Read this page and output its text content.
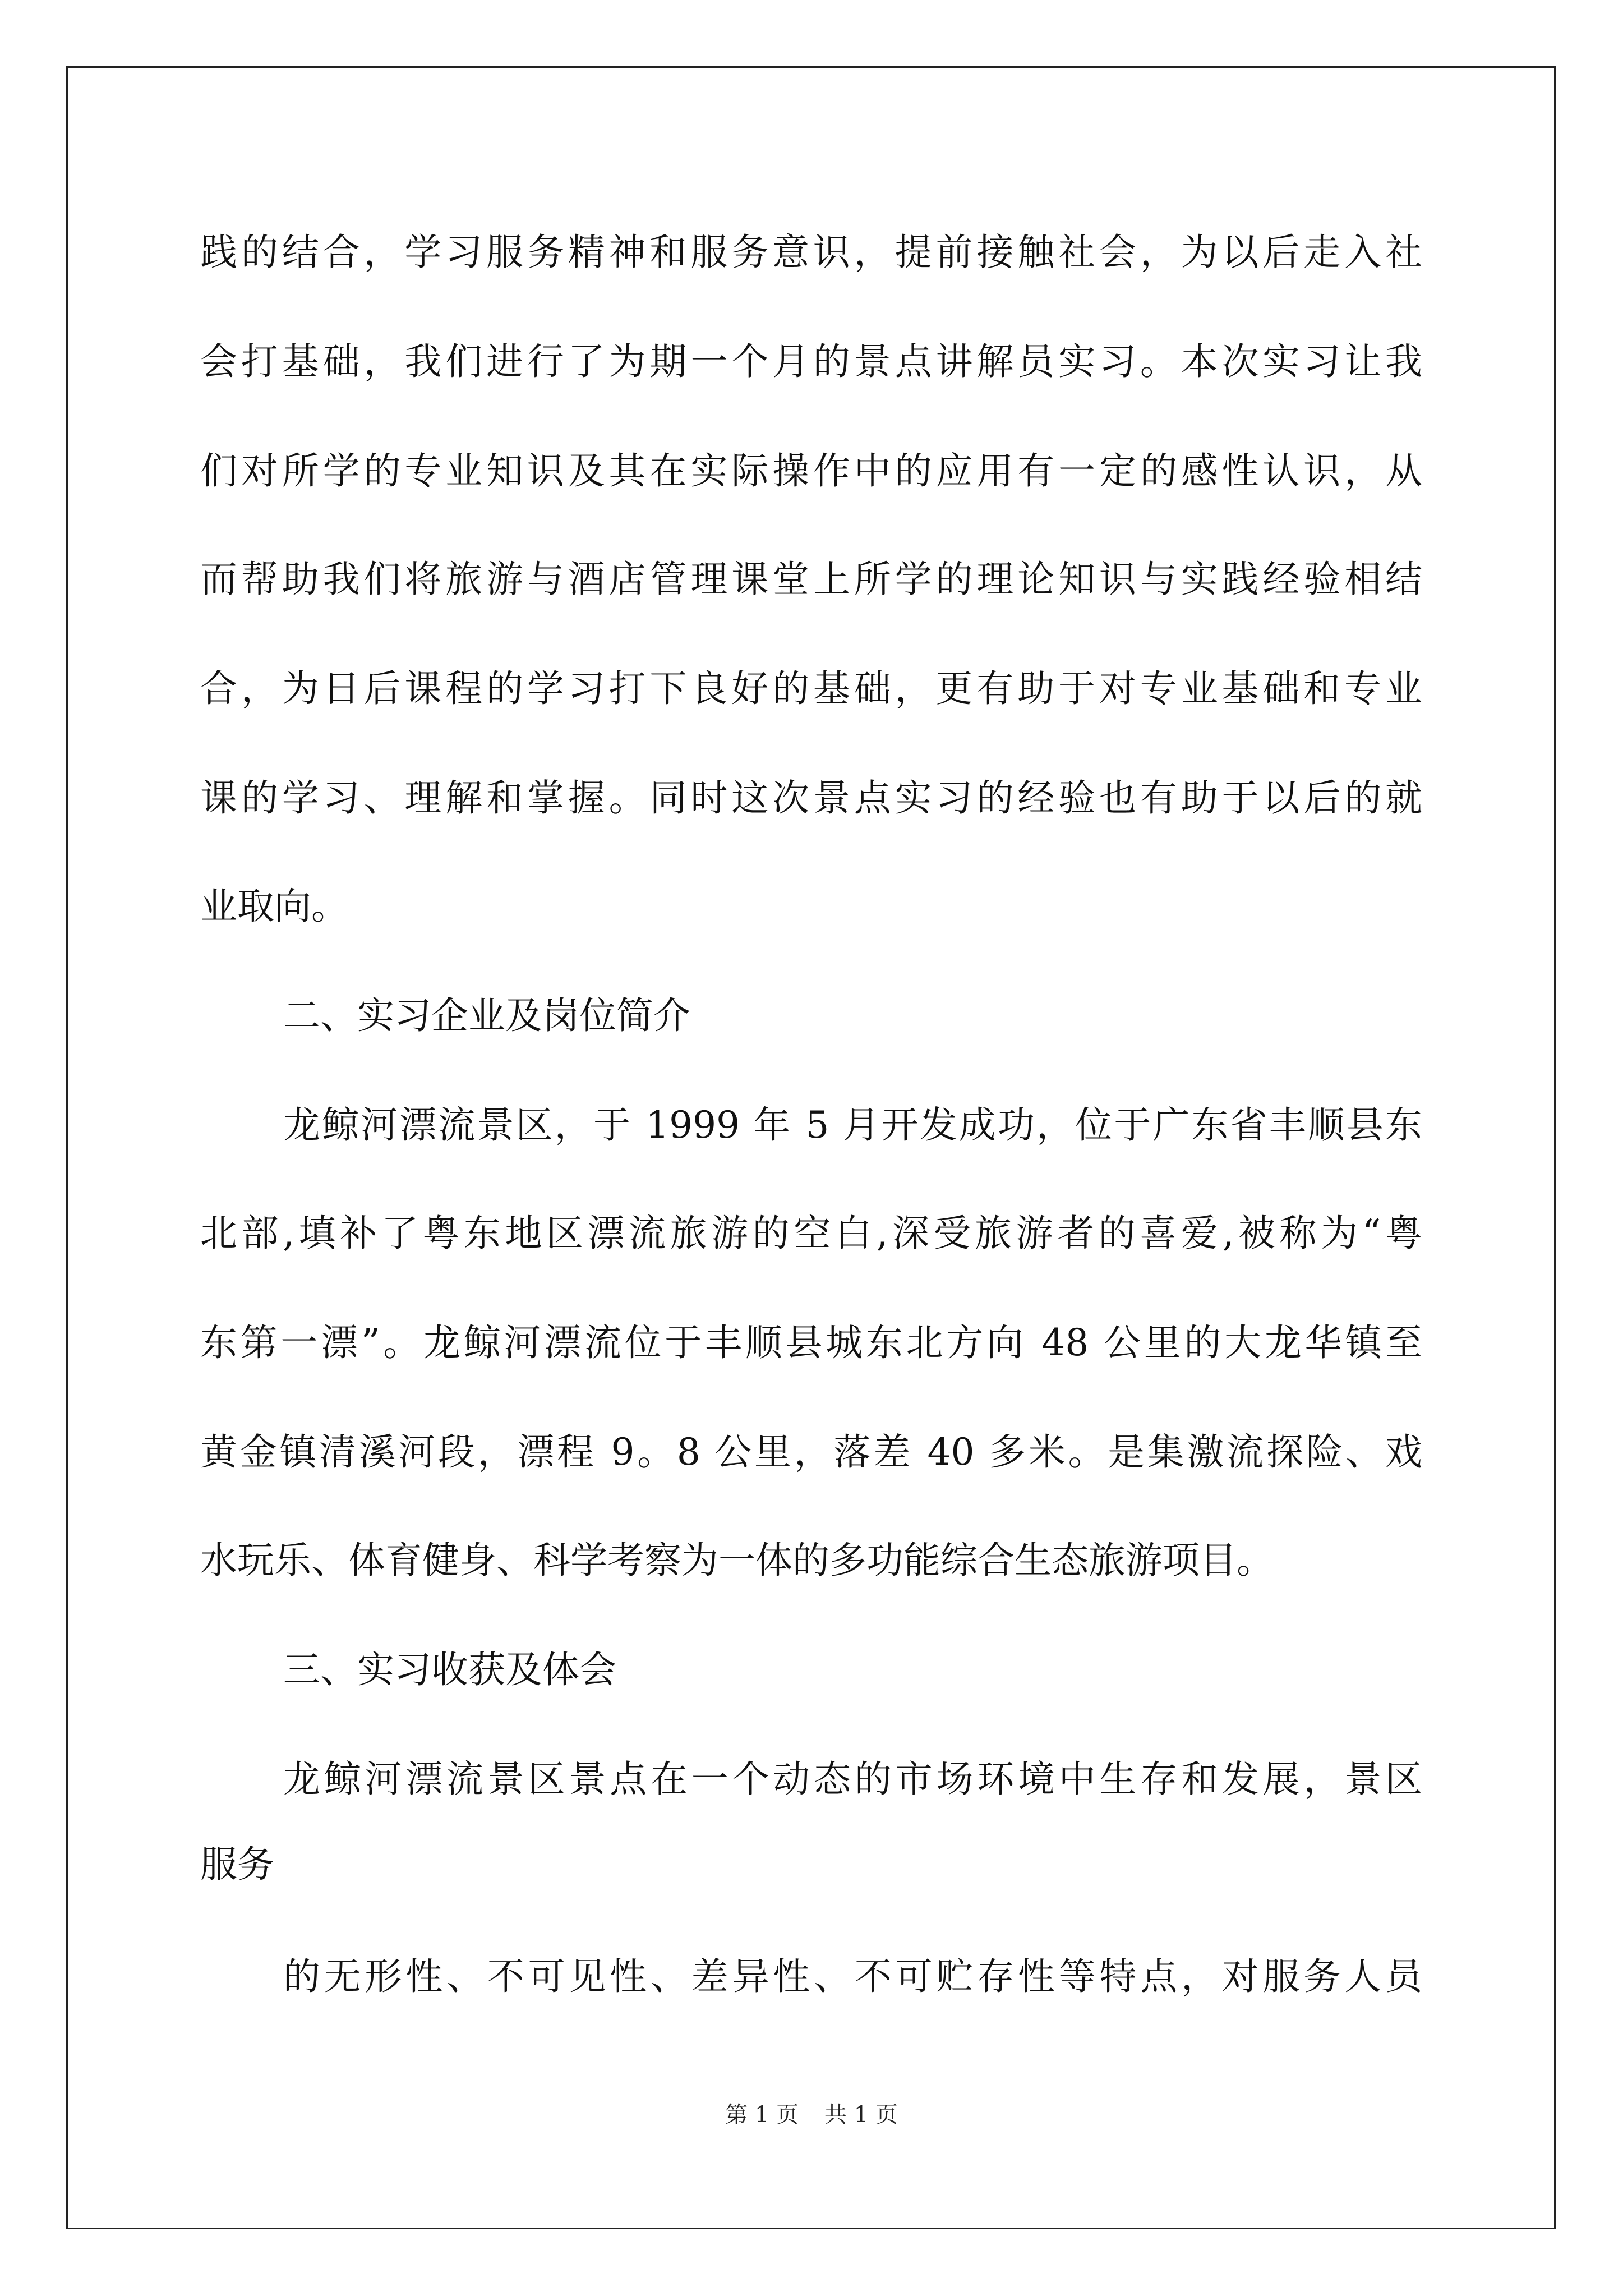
践的结合，学习服务精神和服务意识，提前接触社会，为以后走入社
会打基础，我们进行了为期一个月的景点讲解员实习。本次实习让我
们对所学的专业知识及其在实际操作中的应用有一定的感性认识，从
而帮助我们将旅游与酒店管理课堂上所学的理论知识与实践经验相结
合，为日后课程的学习打下良好的基础，更有助于对专业基础和专业
课的学习、理解和掌握。同时这次景点实习的经验也有助于以后的就
业取向。
二、实习企业及岗位简介
龙鲸河漂流景区，于 1999 年 5 月开发成功，位于广东省丰顺县东
北部,填补了粤东地区漂流旅游的空白,深受旅游者的喜爱,被称为“粤
东第一漂”。龙鲸河漂流位于丰顺县城东北方向 48 公里的大龙华镇至
黄金镇清溪河段，漂程 9。8 公里，落差 40 多米。是集激流探险、戏
水玩乐、体育健身、科学考察为一体的多功能综合生态旅游项目。
三、实习收获及体会
龙鲸河漂流景区景点在一个动态的市场环境中生存和发展，景区
服务
的无形性、不可见性、差异性、不可贮存性等特点，对服务人员
第 1 页 共 1 页
